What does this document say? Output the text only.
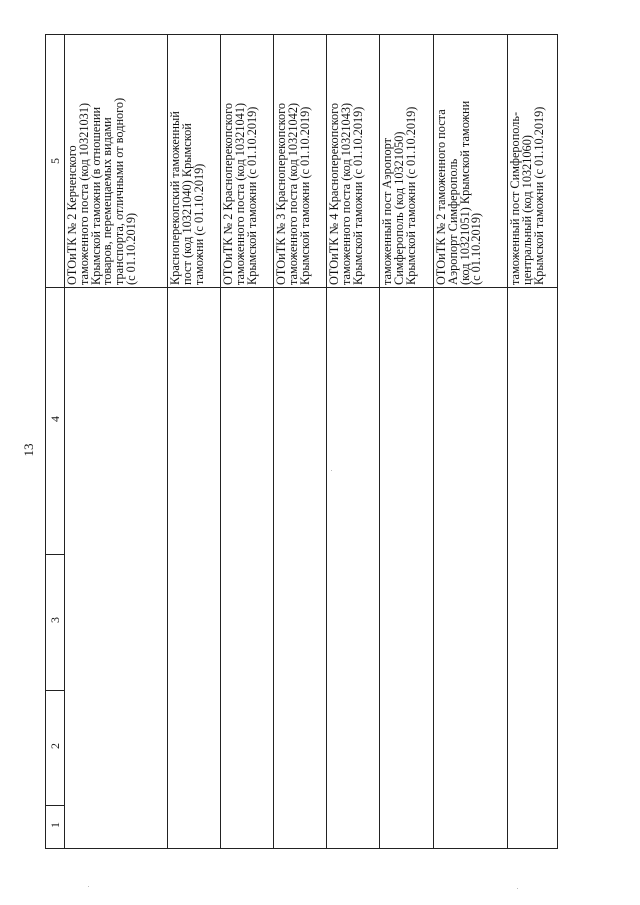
13
1
2
3
4
5
ОТОиТК № 2 Керченского
таможенного поста (код 10321031)
Крымской таможни (в отношении
товаров, перемещаемых видами
транспорта, отличными от водного)
(с 01.10.2019)	Красноперекопский таможенный
пост (код 10321040) Крымской
таможни (с 01.10.2019)
ОТОиТК № 2 Красноперекопского
таможенного поста (код 10321041)
Крымской таможни (с 01.10.2019)
ОТОиТК № 3 Красноперекопского
таможенного поста (код 10321042)
Крымской таможни (с 01.10.2019)
ОТОиТК № 4 Красноперекопского
таможенного поста (код 10321043)
Крымской таможни (с 01.10.2019)
таможенный пост Аэропорт
Симферополь (код 10321050)
Крымской таможни (с 01.10.2019)
ОТОиТК № 2 таможенного поста
Аэропорт Симферополь
(код 10321051) Крымской таможни
(с 01.10.2019)	таможенный пост Симферополь-
центральный (код 10321060)
Крымской таможни (с 01.10.2019)
